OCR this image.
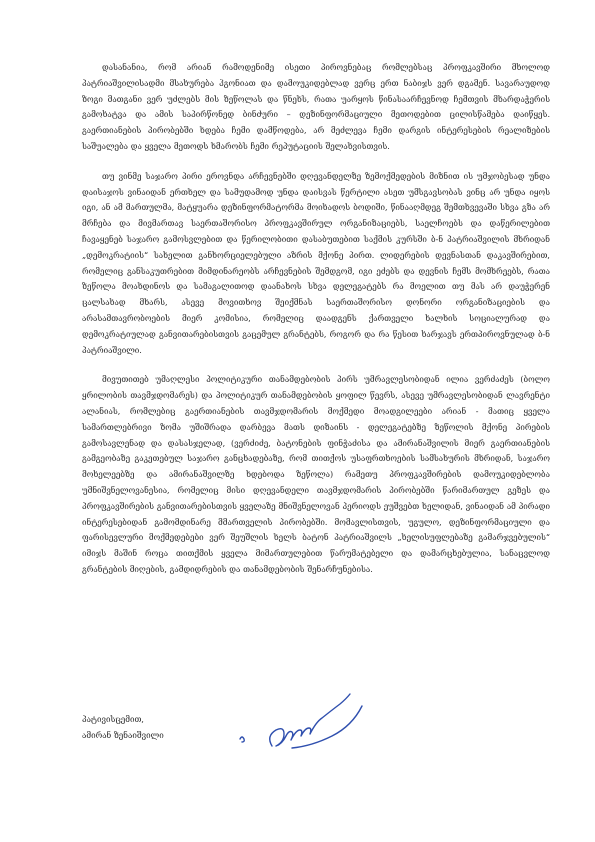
დასანანია, რომ არიან რამოდენიმე ისეთი პიროვნებაც რომლებსაც პროფკავშირი მხოლოდ პატრიაშვილისადმი მსახურება ჰგონიათ და დამოუკიდებლად ვერც ერთ ნაბიჯს ვერ დგამენ. სავარაუდოდ ზოგი მათგანი ვერ უძლებს მის ზეწოლას და წნეხს, რათა უარყოს წინასაარჩევნოდ ჩემთვის მხარდაჭერის გამოხატვა და ამის საპირწონედ ბინძური – დეზინფორმაციული მეთოდებით ცილისწამება დაიწყეს. გაერთიანების პირობებში ხდება ჩემი დამწოდება, არ მეძლევა ჩემი დარგის ინტერესების რეალიზების საშუალება და ყველა მეთოდს ხმარობს ჩემი რეპუტაციის შელახვისთვის.

თუ ვინმე საჯარო პირი ეროვნდა არჩევნებში დღევანდელზე ზემოქმედების მიზნით ის უმჯობესად უნდა დაისაჯოს ვინაიდან ერთხელ და სამუდამოდ უნდა დაისვას წერტილი ასეთ უმსგავსობას ვინც არ უნდა იყოს იგი, ან ამ მართულმა, მატყუარა დეზინფორმატორმა მოიხადოს ბოდიში, წინააღმდეგ შემთხვევაში სხვა გზა არ მრჩება და მივმართავ საერთაშორისო პროფკავშირულ ორგანიზაციებს, საელჩოებს და დაწერილებით ჩავაყენებ საჯარო გამოსვლებით და წერილობითი დასაბუთებით საქმის კურსში ბ-ნ პატრიაშვილის მხრიდან „დემოკრატიის“ სახელით განხორციელებული აზრის მქონე პირთ. ლიდერების დევნასთან დაკავშირებით, რომელიც განსაკუთრებით მიმდინარეობს არჩევნების შემდგომ, იგი ეძებს და დევნის ჩემს მომხრეებს, რათა ზეწოლა მოახდინოს და სამაგალითოდ დაანახოს სხვა დელეგატებს რა მოელით თუ მას არ დაუჭერენ ცალსახად მხარს, ასევე მოვითხოვ შეიქმნას საერთაშორისო დონორი ორგანიზაციების და არასამთავრობოების მიერ კომისია, რომელიც დაადგენს ქართველი ხალხის სოციალურად და დემოკრატიულად განვითარებისთვის გაცემულ გრანტებს, როგორ და რა წესით ხარჯავს ერთპიროვნულად ბ-ნ პატრიაშვილი.

მივუთითებ უმაღლესი პოლიტიკური თანამდებობის პირს უმრავლესობიდან ილია ვერძაძეს (ბოლო ყრილობის თავმჯდომარეს) და პოლიტიკურ თანამდებობის ყოფილ წევრს, ასევე უმრავლესობიდან ლავრენტი ალანიას, რომლებიც გაერთიანების თავმჯდომარის მოქმედი მოადგილეები არიან - მათიც ყველა სამართლებრივი ზომა უშიშრადა დარბევა მათს დიზაინს - დელეგატებზე ზეწოლის მქონე პირების გამოსავლენად და დასასჯელად, (ვერძიძე, ბატონების ფინჭაძისა და ამირანაშვილის მიერ გაერთიანების გამგეობაზე გაკეთებულ საჯარო განცხადებაზე, რომ თითქოს უსაფრთხოების სამსახურის მხრიდან, საჯარო მოხელეებზე და ამირანაშვილზე ხდებოდა ზეწოლა) რამეთუ პროფკავშირების დამოუკიდებლობა უმნიშვნელოვანესია, რომელიც მისი დღევანდელი თავმჯდომარის პირობებში წარიმართულ გეზეს და პროფკავშირების განვითარებისთვის ყველაზე მნიშვნელოვან პერიოდს ეუშვებთ ხელიდან, ვინაიდან ამ პირადი ინტერესებიდან გამომდინარე მმართველის პირობებში. მომავლისთვის, უგულო, დეზინფორმაციული და ფარისევლური მოქმედებები ვერ შეუშლის ხელს ბატონ პატრიაშვილს „ხელისუფლებაზე გამარჯვებულის“ იმიჯს მაშინ როცა თითქმის ყველა მიმართულებით წარუმატებელი და დამარცხებულია, სანაცვლოდ გრანტების მიღების, გამდიდრების და თანამდებობის შენარჩუნებისა.

პატივისცემით,
ამირან ზენაიშვილი
